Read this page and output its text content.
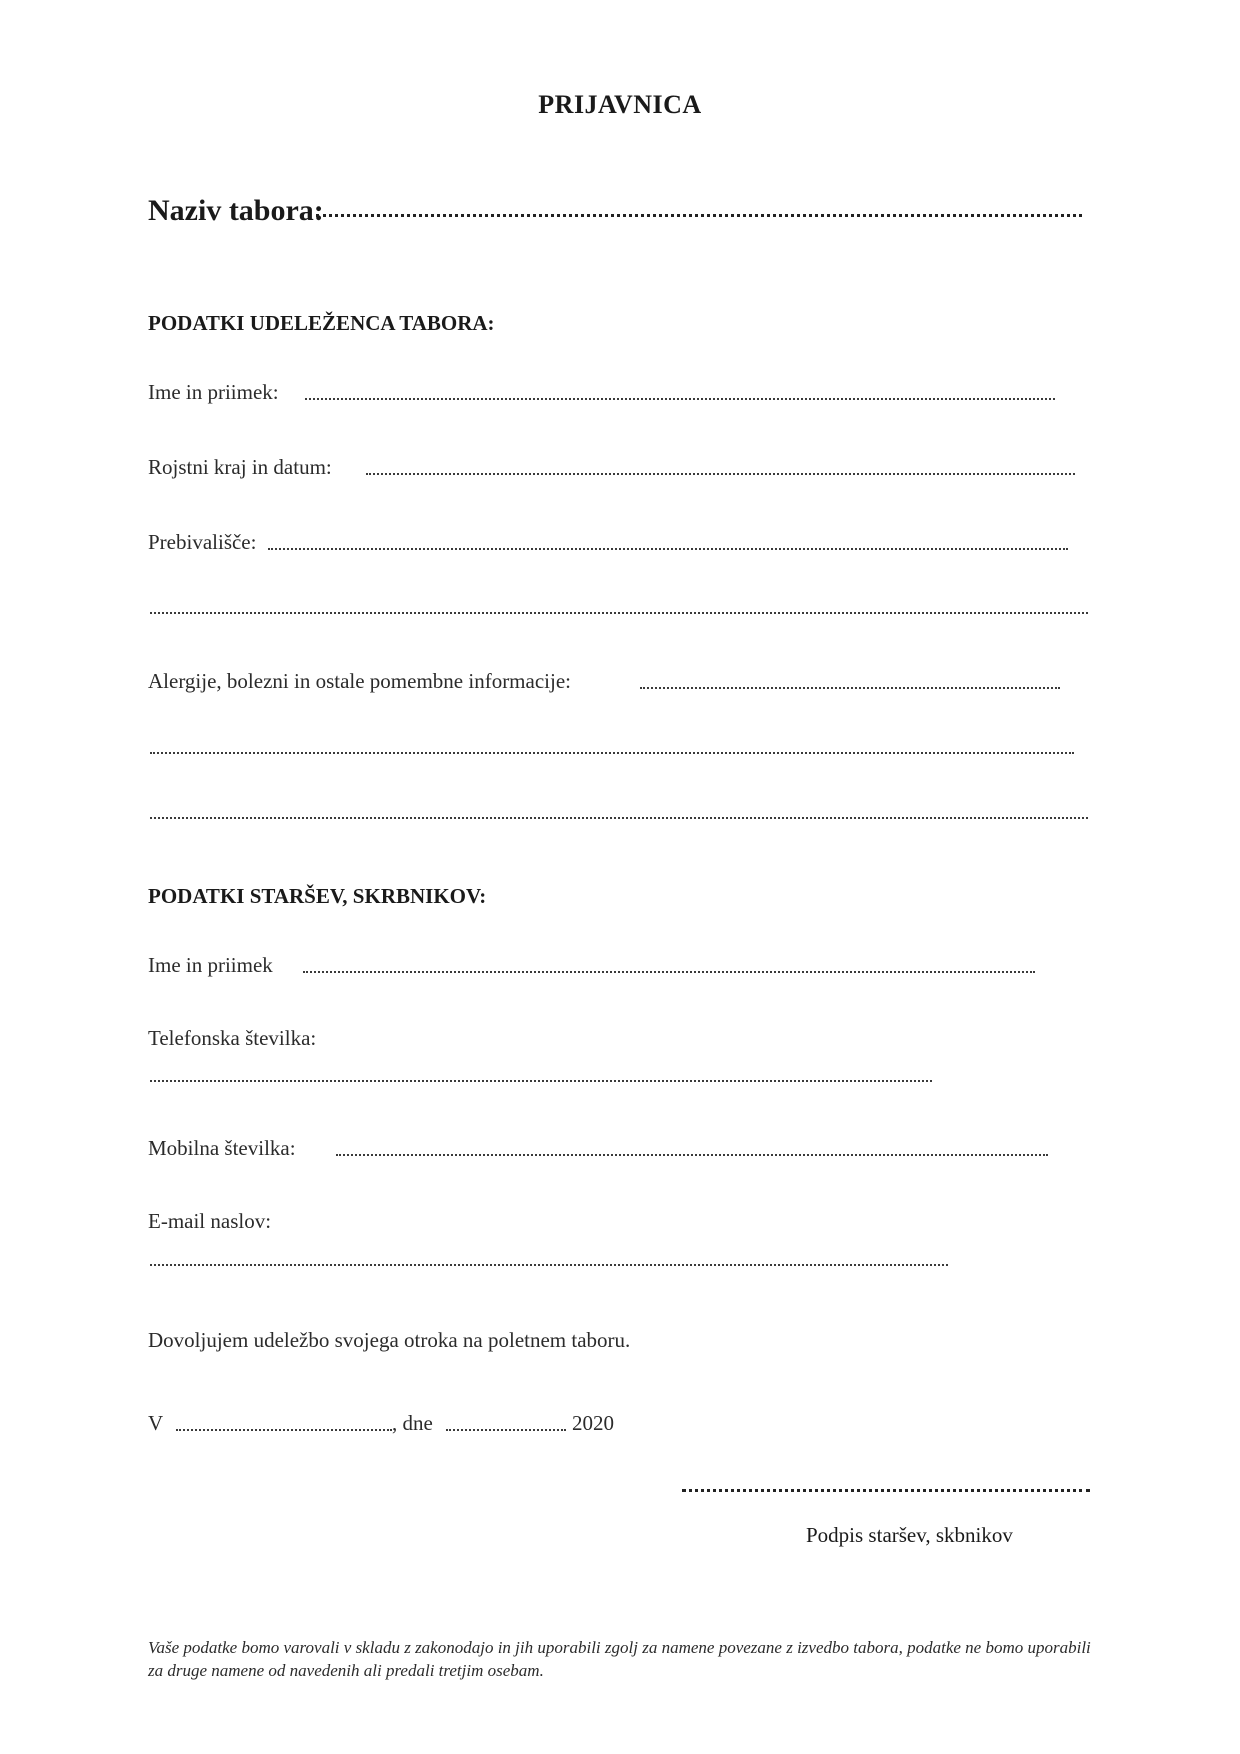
PRIJAVNICA
Naziv tabora:
PODATKI UDELEŽENCA TABORA:
Ime in priimek:
Rojstni kraj in datum:
Prebivališče:
Alergije, bolezni in ostale pomembne informacije:
PODATKI STARŠEV, SKRBNIKOV:
Ime in priimek
Telefonska številka:
Mobilna številka:
E-mail naslov:
Dovoljujem udeležbo svojega otroka na poletnem taboru.
V	, dne	2020
Podpis staršev, skbnikov
Vaše podatke bomo varovali v skladu z zakonodajo in jih uporabili zgolj za namene povezane z izvedbo tabora, podatke ne bomo uporabili za druge namene od navedenih ali predali tretjim osebam.
